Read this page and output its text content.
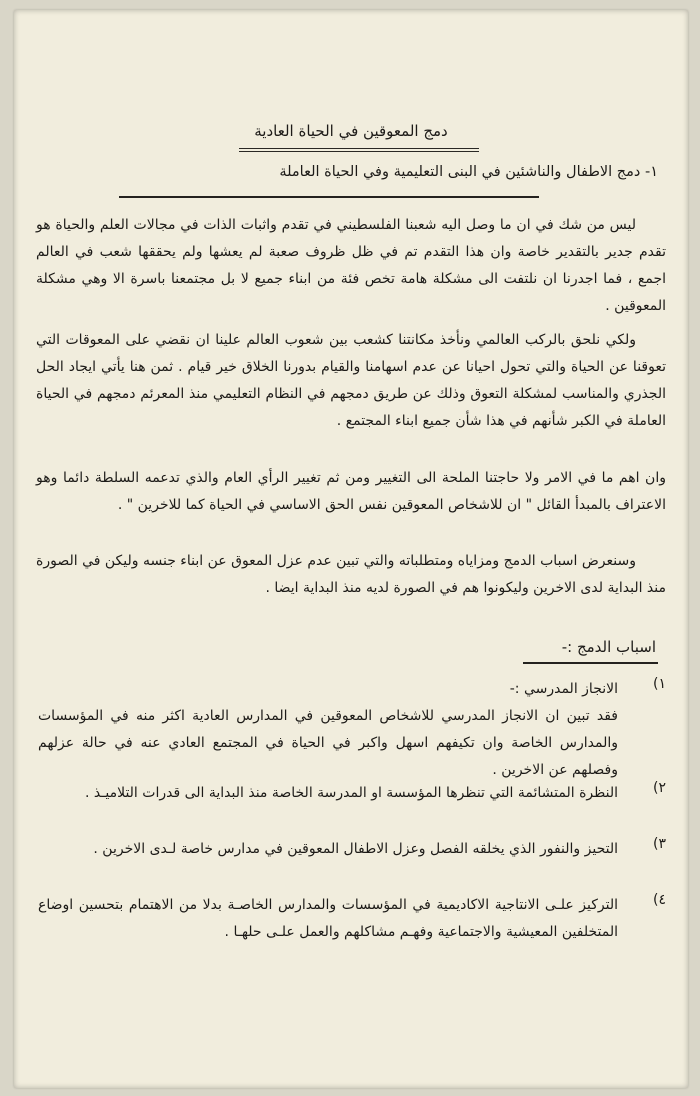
دمج المعوقين في الحياة العادية
١- دمج الاطفال والناشئين في البنى التعليمية وفي الحياة العاملة
ليس من شك في ان ما وصل اليه شعبنا الفلسطيني في تقدم واثبات الذات في مجالات العلم والحياة هو تقدم جدير بالتقدير خاصة وان هذا التقدم تم في ظل ظروف صعبة لم يعشها ولم يحققها شعب في العالم اجمع ، فما اجدرنا ان نلتفت الى مشكلة هامة تخص فئة من ابناء جميع لا بل مجتمعنا باسرة الا وهي مشكلة المعوقين .
ولكي نلحق بالركب العالمي ونأخذ مكانتنا كشعب بين شعوب العالم علينا ان نقضي على المعوقات التي تعوقنا عن الحياة والتي تحول احيانا عن عدم اسهامنا والقيام بدورنا الخلاق خير قيام . ثمن هنا يأتي ايجاد الحل الجذري والمناسب لمشكلة التعوق وذلك عن طريق دمجهم في النظام التعليمي منذ المعرئم دمجهم في الحياة العاملة في الكبر شأنهم في هذا شأن جميع ابناء المجتمع .
وان اهم ما في الامر ولا حاجتنا الملحة الى التغيير ومن ثم تغيير الرأي العام والذي تدعمه السلطة دائما وهو الاعتراف بالمبدأ القائل " ان للاشخاص المعوقين نفس الحق الاساسي في الحياة كما للاخرين " .
وسنعرض اسباب الدمج ومزاياه ومتطلباته والتي تبين عدم عزل المعوق عن ابناء جنسه وليكن في الصورة منذ البداية لدى الاخرين وليكونوا هم في الصورة لديه منذ البداية ايضا .
اسباب الدمج :-
١)
الانجاز المدرسي :-
فقد تبين ان الانجاز المدرسي للاشخاص المعوقين في المدارس العادية اكثر منه في المؤسسات والمدارس الخاصة وان تكيفهم اسهل واكبر في الحياة في المجتمع العادي عنه في حالة عزلهم وفصلهم عن الاخرين .
٢)
النظرة المتشائمة التي تنظرها المؤسسة او المدرسة الخاصة منذ البداية الى قدرات التلاميـذ .
٣)
التحيز والنفور الذي يخلقه الفصل وعزل الاطفال المعوقين في مدارس خاصة لـدى الاخرين .
٤)
التركيز علـى الانتاجية الاكاديمية في المؤسسات والمدارس الخاصـة بدلا من الاهتمام بتحسين اوضاع المتخلفين المعيشية والاجتماعية وفهـم مشاكلهم والعمل علـى حلهـا .
